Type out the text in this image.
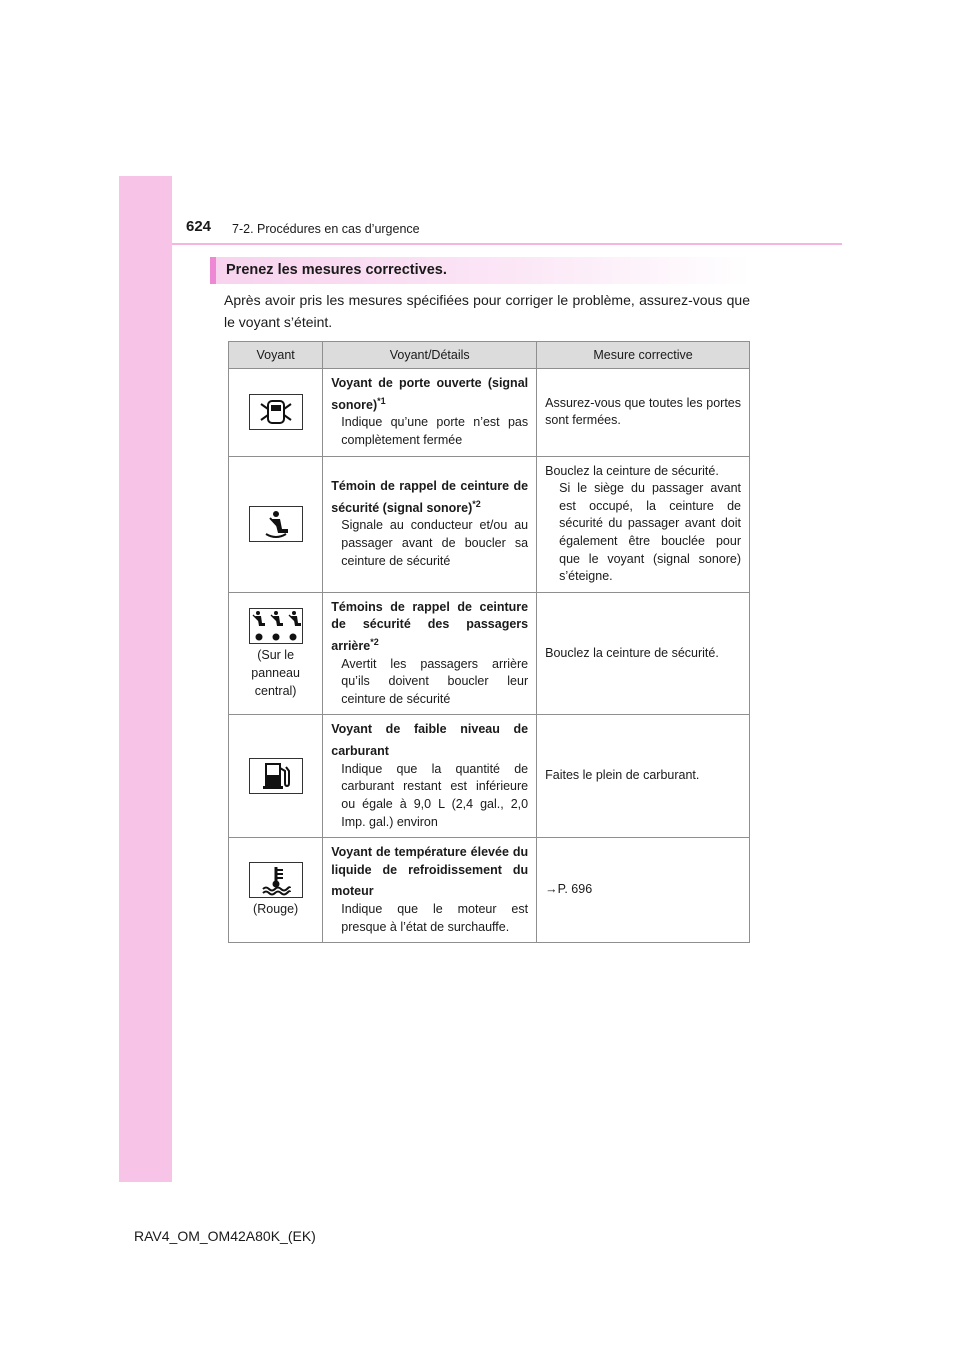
624 7-2. Procédures en cas d’urgence
Prenez les mesures correctives.
Après avoir pris les mesures spécifiées pour corriger le problème, assurez-vous que le voyant s’éteint.
Voyant	Voyant/Détails	Mesure corrective

Voyant de porte ouverte (signal sonore)$^{*1}$
Indique qu’une porte n’est pas complètement fermée	Assurez-vous que toutes les portes sont fermées.

Témoin de rappel de ceinture de sécurité (signal sonore)$^{*2}$
Signale au conducteur et/ou au passager avant de boucler sa ceinture de sécurité	Bouclez la ceinture de sécurité.
Si le siège du passager avant est occupé, la ceinture de sécurité du passager avant doit également être bouclée pour que le voyant (signal sonore) s’éteigne.

(Sur le panneau central)	Témoins de rappel de ceinture de sécurité des passagers arrière$^{*2}$
Avertit les passagers arrière qu’ils doivent boucler leur ceinture de sécurité	Bouclez la ceinture de sécurité.

Voyant de faible niveau de carburant
Indique que la quantité de carburant restant est inférieure ou égale à 9,0 L (2,4 gal., 2,0 Imp. gal.) environ	Faites le plein de carburant.

(Rouge)	Voyant de température élevée du liquide de refroidissement du moteur
Indique que le moteur est presque à l’état de surchauffe.	→P. 696
RAV4_OM_OM42A80K_(EK)
